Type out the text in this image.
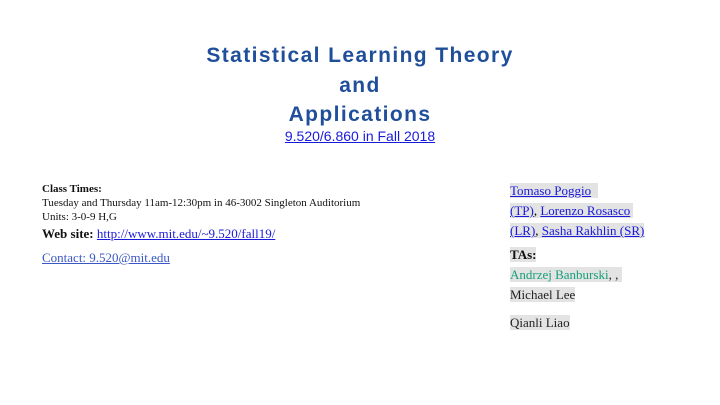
Statistical Learning Theory
and
Applications
9.520/6.860 in Fall 2018
Class Times:
Tuesday and Thursday 11am-12:30pm in 46-3002 Singleton Auditorium
Units: 3-0-9 H,G
Web site: http://www.mit.edu/~9.520/fall19/
Contact: 9.520@mit.edu
Tomaso Poggio
(TP), Lorenzo Rosasco
(LR), Sasha Rakhlin (SR)
TAs:
Andrzej Banburski, ,
Michael Lee
Qianli Liao
